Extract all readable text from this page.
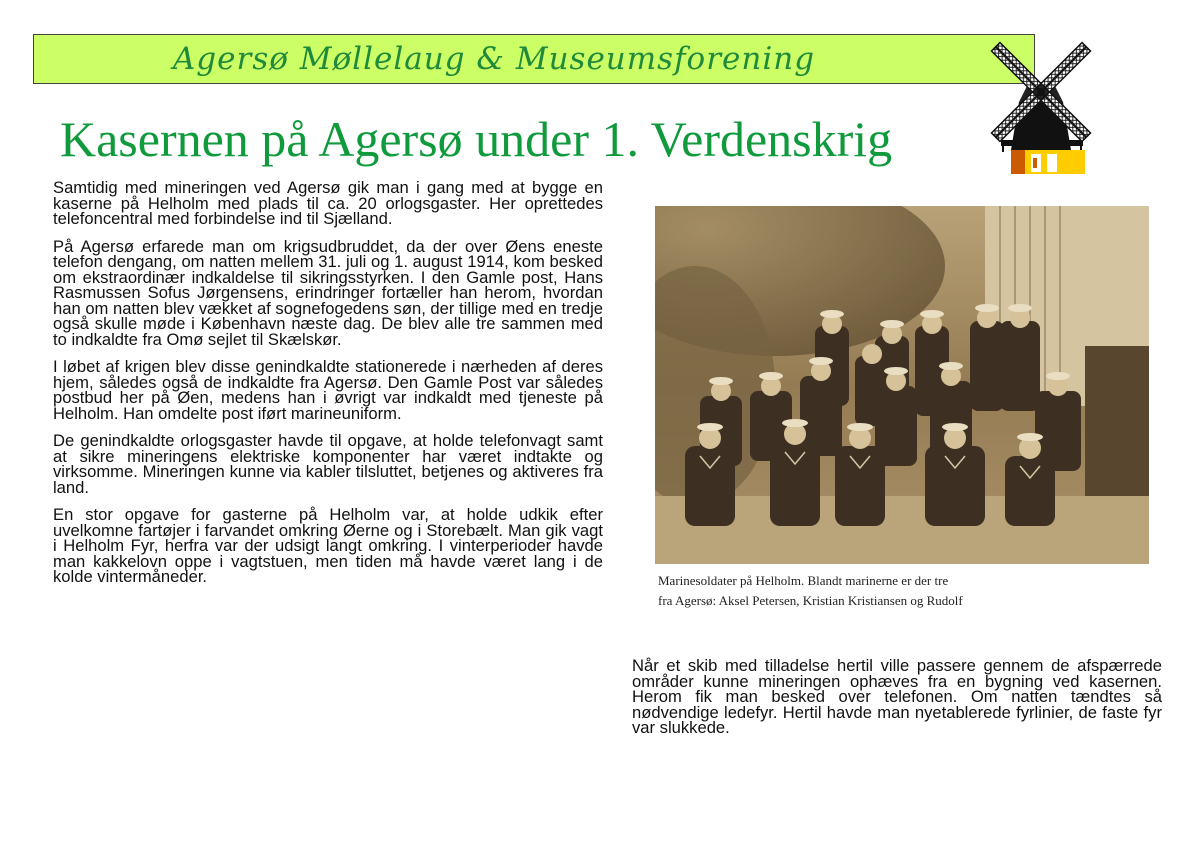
Agersø Møllelaug & Museumsforening
Kasernen på Agersø under 1. Verdenskrig

Samtidig med mineringen ved Agersø gik man i gang med at bygge en kaserne på Helholm med plads til ca. 20 orlogsgaster. Her oprettedes telefoncentral med forbindelse ind til Sjælland.

På Agersø erfarede man om krigsudbruddet, da der over Øens eneste telefon dengang, om natten mellem 31. juli og 1. august 1914, kom besked om ekstraordinær indkaldelse til sikringsstyrken. I den Gamle post, Hans Rasmussen Sofus Jørgensens, erindringer fortæller han herom, hvordan han om natten blev vækket af sognefogedens søn, der tillige med en tredje også skulle møde i København næste dag. De blev alle tre sammen med to indkaldte fra Omø sejlet til Skælskør.

I løbet af krigen blev disse genindkaldte stationerede i nærheden af deres hjem, således også de indkaldte fra Agersø. Den Gamle Post var således postbud her på Øen, medens han i øvrigt var indkaldt med tjeneste på Helholm. Han omdelte post iført marineuniform.

De genindkaldte orlogsgaster havde til opgave, at holde telefonvagt samt at sikre mineringens elektriske komponenter har været indtakte og virksomme. Mineringen kunne via kabler tilsluttet, betjenes og aktiveres fra land.

En stor opgave for gasterne på Helholm var, at holde udkik efter uvelkomne fartøjer i farvandet omkring Øerne og i Storebælt. Man gik vagt i Helholm Fyr, herfra var der udsigt langt omkring. I vinterperioder havde man kakkelovn oppe i vagtstuen, men tiden må havde været lang i de kolde vintermåneder.	Marinesoldater på Helholm. Blandt marinerne er der tre
fra Agersø: Aksel Petersen, Kristian Kristiansen og Rudolf

Når et skib med tilladelse hertil ville passere gennem de afspærrede områder kunne mineringen ophæves fra en bygning ved kasernen. Herom fik man besked over telefonen. Om natten tændtes så nødvendige ledefyr. Hertil havde man nyetablerede fyrlinier, de faste fyr var slukkede.
